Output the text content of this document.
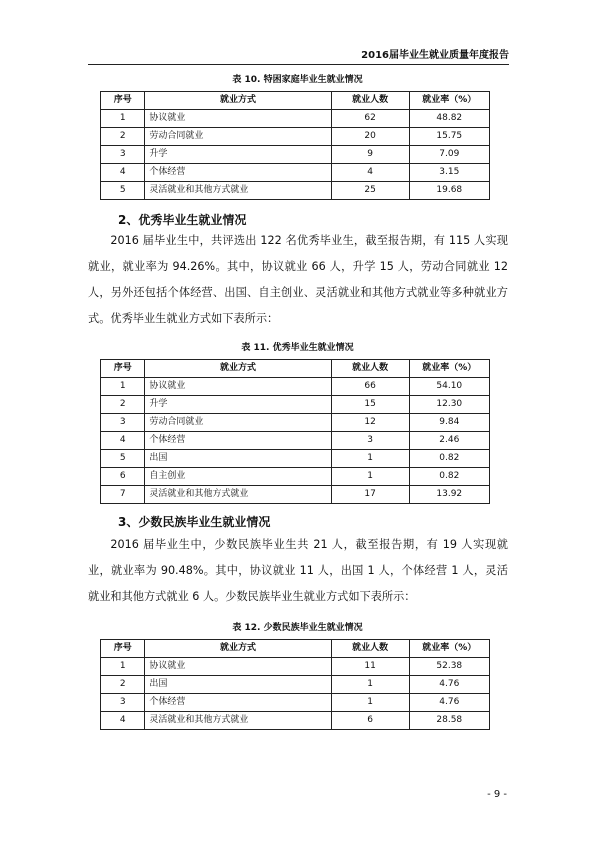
2016届毕业生就业质量年度报告
表 10. 特困家庭毕业生就业情况
序号	就业方式	就业人数	就业率（%）
1	协议就业	62	48.82
2	劳动合同就业	20	15.75
3	升学	9	7.09
4	个体经营	4	3.15
5	灵活就业和其他方式就业	25	19.68
2、优秀毕业生就业情况

2016 届毕业生中，共评选出 122 名优秀毕业生，截至报告期，有 115 人实现就业，就业率为 94.26%。其中，协议就业 66 人，升学 15 人，劳动合同就业 12 人，另外还包括个体经营、出国、自主创业、灵活就业和其他方式就业等多种就业方式。优秀毕业生就业方式如下表所示：

表 11. 优秀毕业生就业情况
序号	就业方式	就业人数	就业率（%）
1	协议就业	66	54.10
2	升学	15	12.30
3	劳动合同就业	12	9.84
4	个体经营	3	2.46
5	出国	1	0.82
6	自主创业	1	0.82
7	灵活就业和其他方式就业	17	13.92
3、少数民族毕业生就业情况

2016 届毕业生中，少数民族毕业生共 21 人，截至报告期，有 19 人实现就业，就业率为 90.48%。其中，协议就业 11 人，出国 1 人，个体经营 1 人，灵活就业和其他方式就业 6 人。少数民族毕业生就业方式如下表所示：

表 12. 少数民族毕业生就业情况
序号	就业方式	就业人数	就业率（%）
1	协议就业	11	52.38
2	出国	1	4.76
3	个体经营	1	4.76
4	灵活就业和其他方式就业	6	28.58
- 9 -
